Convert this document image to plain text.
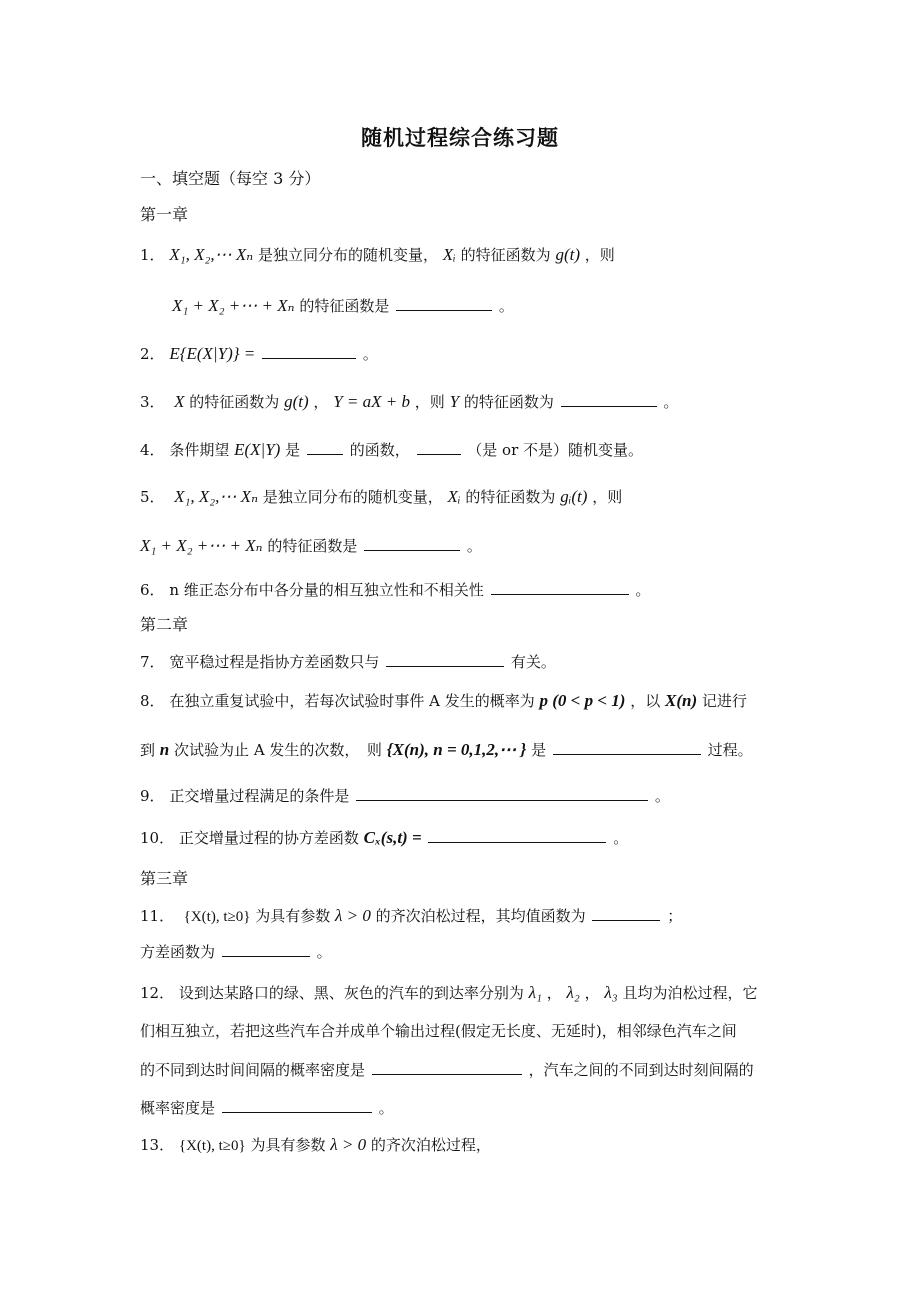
随机过程综合练习题
一、填空题（每空 3 分）
第一章
1． X₁, X₂,⋯ Xₙ 是独立同分布的随机变量， Xᵢ 的特征函数为 g(t) ，则
X₁ + X₂ +⋯ + Xₙ 的特征函数是	。
2． E{E(X|Y)} =	。
3． X 的特征函数为 g(t) ， Y = aX + b ，则 Y 的特征函数为	。
4． 条件期望 E(X|Y) 是	的函数，	（是 or 不是）随机变量。
5． X₁, X₂,⋯ Xₙ 是独立同分布的随机变量， Xᵢ 的特征函数为 gᵢ(t) ，则
X₁ + X₂ +⋯ + Xₙ 的特征函数是	。
6． n 维正态分布中各分量的相互独立性和不相关性	。
第二章
7． 宽平稳过程是指协方差函数只与	有关。
8． 在独立重复试验中，若每次试验时事件 A 发生的概率为 p (0 < p < 1) ，以 X(n) 记进行
到 n 次试验为止 A 发生的次数，　则 {X(n), n = 0,1,2,⋯ } 是	过程。
9． 正交增量过程满足的条件是	。
10． 正交增量过程的协方差函数 Cₓ(s,t) =	。
第三章
11． {X(t), t≥0} 为具有参数 λ > 0 的齐次泊松过程，其均值函数为	；
方差函数为	。
12． 设到达某路口的绿、黑、灰色的汽车的到达率分别为 λ₁ ， λ₂ ， λ₃ 且均为泊松过程，它
们相互独立，若把这些汽车合并成单个输出过程(假定无长度、无延时)，相邻绿色汽车之间
的不同到达时间间隔的概率密度是	，汽车之间的不同到达时刻间隔的
概率密度是	。
13． {X(t), t≥0} 为具有参数 λ > 0 的齐次泊松过程，
